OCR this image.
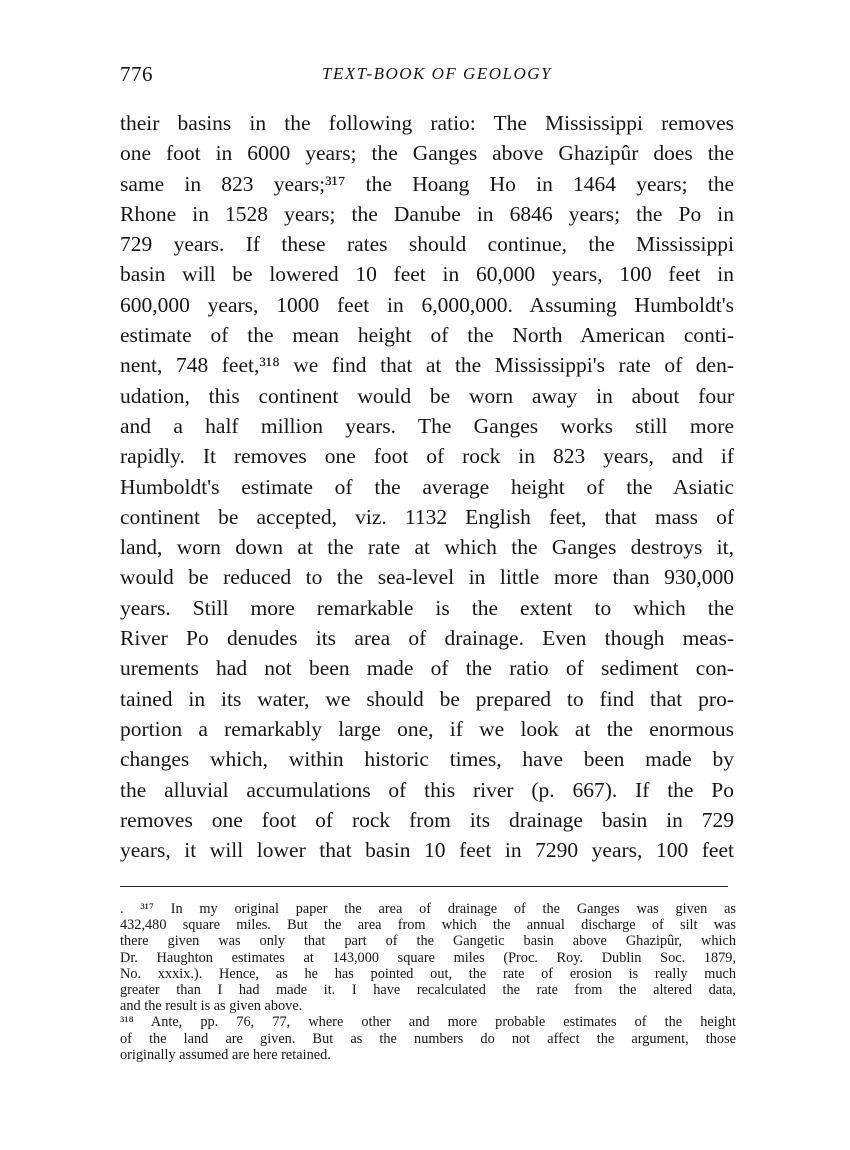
776	TEXT-BOOK OF GEOLOGY
their basins in the following ratio: The Mississippi removes
one foot in 6000 years; the Ganges above Ghazipûr does the
same in 823 years;³¹⁷ the Hoang Ho in 1464 years; the
Rhone in 1528 years; the Danube in 6846 years; the Po in
729 years. If these rates should continue, the Mississippi
basin will be lowered 10 feet in 60,000 years, 100 feet in
600,000 years, 1000 feet in 6,000,000. Assuming Humboldt's
estimate of the mean height of the North American conti-
nent, 748 feet,³¹⁸ we find that at the Mississippi's rate of den-
udation, this continent would be worn away in about four
and a half million years. The Ganges works still more
rapidly. It removes one foot of rock in 823 years, and if
Humboldt's estimate of the average height of the Asiatic
continent be accepted, viz. 1132 English feet, that mass of
land, worn down at the rate at which the Ganges destroys it,
would be reduced to the sea-level in little more than 930,000
years. Still more remarkable is the extent to which the
River Po denudes its area of drainage. Even though meas-
urements had not been made of the ratio of sediment con-
tained in its water, we should be prepared to find that pro-
portion a remarkably large one, if we look at the enormous
changes which, within historic times, have been made by
the alluvial accumulations of this river (p. 667). If the Po
removes one foot of rock from its drainage basin in 729
years, it will lower that basin 10 feet in 7290 years, 100 feet
. ³¹⁷ In my original paper the area of drainage of the Ganges was given as
432,480 square miles. But the area from which the annual discharge of silt was
there given was only that part of the Gangetic basin above Ghazipûr, which
Dr. Haughton estimates at 143,000 square miles (Proc. Roy. Dublin Soc. 1879,
No. xxxix.). Hence, as he has pointed out, the rate of erosion is really much
greater than I had made it. I have recalculated the rate from the altered data,
and the result is as given above.
³¹⁸ Ante, pp. 76, 77, where other and more probable estimates of the height
of the land are given. But as the numbers do not affect the argument, those
originally assumed are here retained.
